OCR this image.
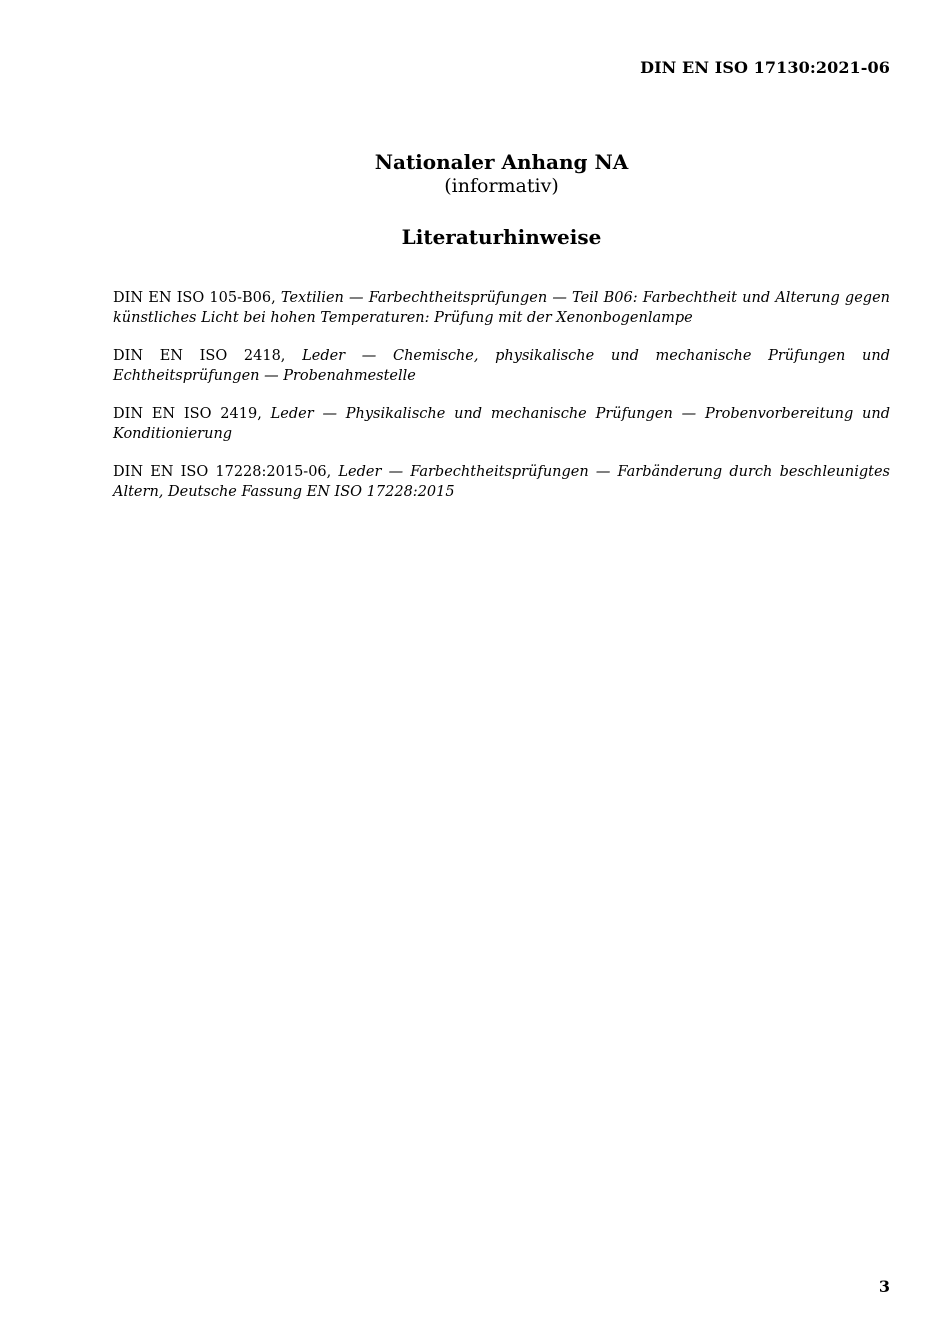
DIN EN ISO 17130:2021-06
Nationaler Anhang NA
(informativ)
Literaturhinweise

DIN EN ISO 105-B06, Textilien — Farbechtheitsprüfungen — Teil B06: Farbechtheit und Alterung gegen künstliches Licht bei hohen Temperaturen: Prüfung mit der Xenonbogenlampe

DIN EN ISO 2418, Leder — Chemische, physikalische und mechanische Prüfungen und Echtheitsprüfungen — Probenahmestelle

DIN EN ISO 2419, Leder — Physikalische und mechanische Prüfungen — Probenvorbereitung und Konditionierung

DIN EN ISO 17228:2015-06, Leder — Farbechtheitsprüfungen — Farbänderung durch beschleunigtes Altern, Deutsche Fassung EN ISO 17228:2015

3
